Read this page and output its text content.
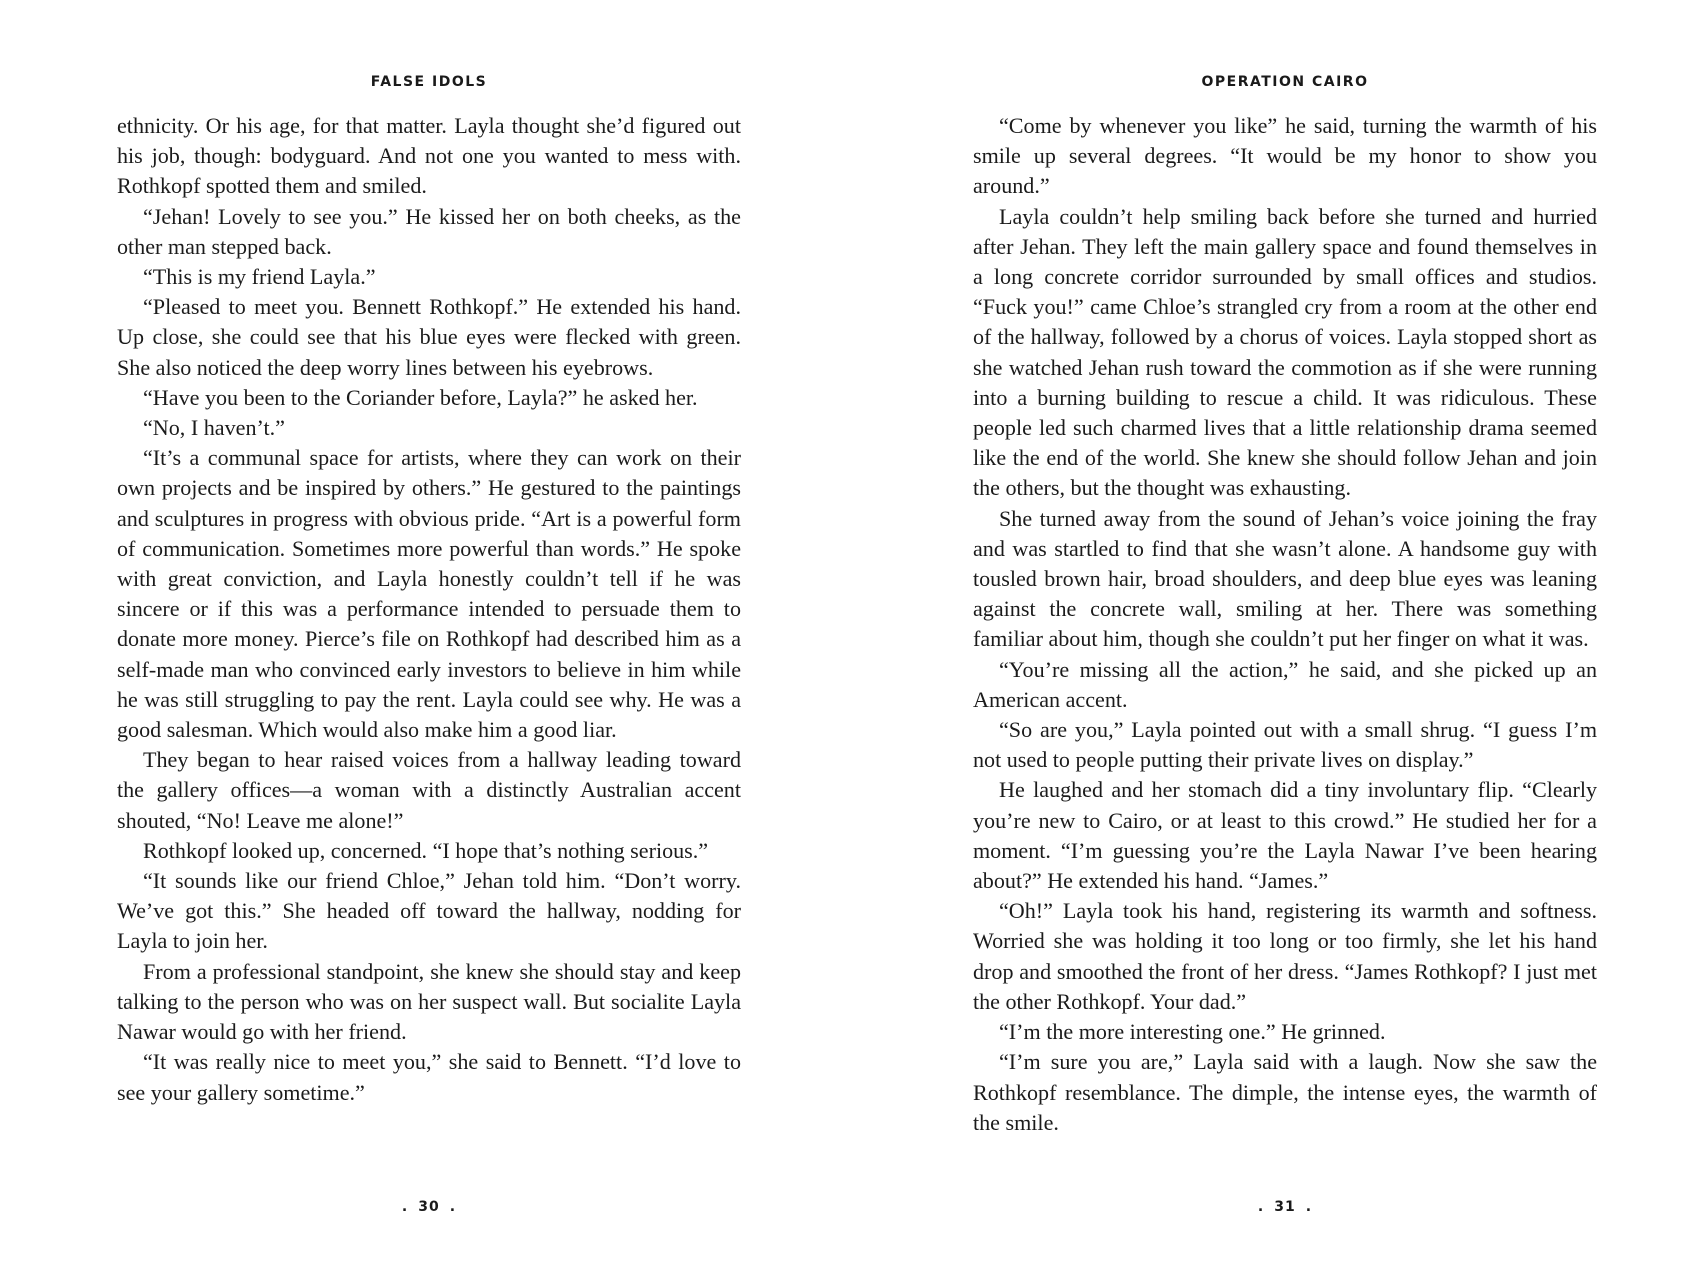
FALSE IDOLS

ethnicity. Or his age, for that matter. Layla thought she’d figured out his job, though: bodyguard. And not one you wanted to mess with. Rothkopf spotted them and smiled.

“Jehan! Lovely to see you.” He kissed her on both cheeks, as the other man stepped back.

“This is my friend Layla.”

“Pleased to meet you. Bennett Rothkopf.” He extended his hand. Up close, she could see that his blue eyes were flecked with green. She also noticed the deep worry lines between his eyebrows.

“Have you been to the Coriander before, Layla?” he asked her.

“No, I haven’t.”

“It’s a communal space for artists, where they can work on their own projects and be inspired by others.” He gestured to the paintings and sculptures in progress with obvious pride. “Art is a powerful form of communication. Sometimes more powerful than words.” He spoke with great conviction, and Layla honestly couldn’t tell if he was sincere or if this was a performance intended to persuade them to donate more money. Pierce’s file on Rothkopf had described him as a self-made man who convinced early investors to believe in him while he was still struggling to pay the rent. Layla could see why. He was a good salesman. Which would also make him a good liar.

They began to hear raised voices from a hallway leading toward the gallery offices—a woman with a distinctly Australian accent shouted, “No! Leave me alone!”

Rothkopf looked up, concerned. “I hope that’s nothing serious.”

“It sounds like our friend Chloe,” Jehan told him. “Don’t worry. We’ve got this.” She headed off toward the hallway, nodding for Layla to join her.

From a professional standpoint, she knew she should stay and keep talking to the person who was on her suspect wall. But socialite Layla Nawar would go with her friend.

“It was really nice to meet you,” she said to Bennett. “I’d love to see your gallery sometime.”

. 30 .
OPERATION CAIRO

“Come by whenever you like” he said, turning the warmth of his smile up several degrees. “It would be my honor to show you around.”

Layla couldn’t help smiling back before she turned and hurried after Jehan. They left the main gallery space and found themselves in a long concrete corridor surrounded by small offices and studios. “Fuck you!” came Chloe’s strangled cry from a room at the other end of the hallway, followed by a chorus of voices. Layla stopped short as she watched Jehan rush toward the commotion as if she were running into a burning building to rescue a child. It was ridiculous. These people led such charmed lives that a little relationship drama seemed like the end of the world. She knew she should follow Jehan and join the others, but the thought was exhausting.

She turned away from the sound of Jehan’s voice joining the fray and was startled to find that she wasn’t alone. A handsome guy with tousled brown hair, broad shoulders, and deep blue eyes was leaning against the concrete wall, smiling at her. There was something familiar about him, though she couldn’t put her finger on what it was.

“You’re missing all the action,” he said, and she picked up an American accent.

“So are you,” Layla pointed out with a small shrug. “I guess I’m not used to people putting their private lives on display.”

He laughed and her stomach did a tiny involuntary flip. “Clearly you’re new to Cairo, or at least to this crowd.” He studied her for a moment. “I’m guessing you’re the Layla Nawar I’ve been hearing about?” He extended his hand. “James.”

“Oh!” Layla took his hand, registering its warmth and softness. Worried she was holding it too long or too firmly, she let his hand drop and smoothed the front of her dress. “James Rothkopf? I just met the other Rothkopf. Your dad.”

“I’m the more interesting one.” He grinned.

“I’m sure you are,” Layla said with a laugh. Now she saw the Rothkopf resemblance. The dimple, the intense eyes, the warmth of the smile.

. 31 .
